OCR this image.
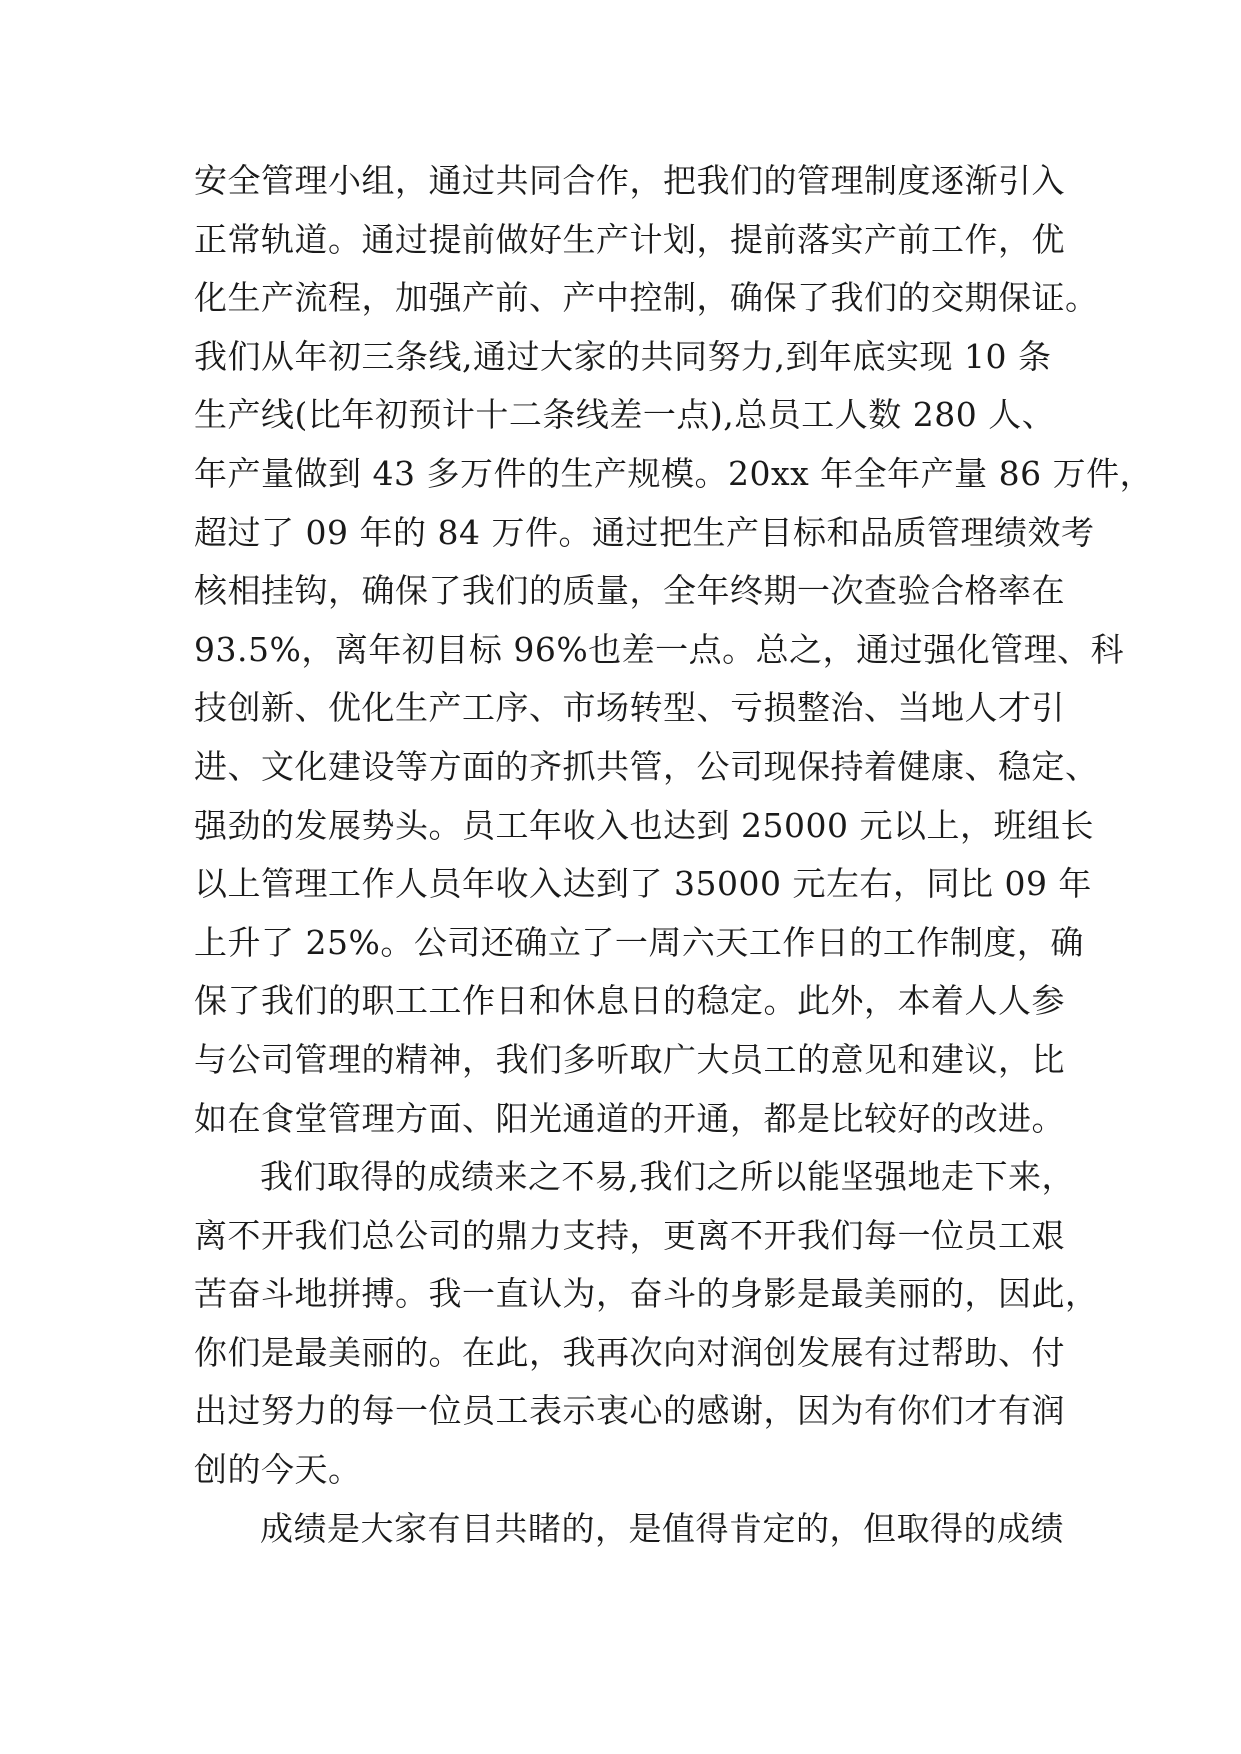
安全管理小组，通过共同合作，把我们的管理制度逐渐引入
正常轨道。通过提前做好生产计划，提前落实产前工作，优
化生产流程，加强产前、产中控制，确保了我们的交期保证。
我们从年初三条线,通过大家的共同努力,到年底实现 10 条
生产线(比年初预计十二条线差一点),总员工人数 280 人、
年产量做到 43 多万件的生产规模。20xx 年全年产量 86 万件，
超过了 09 年的 84 万件。通过把生产目标和品质管理绩效考
核相挂钩，确保了我们的质量，全年终期一次查验合格率在
93.5%，离年初目标 96%也差一点。总之，通过强化管理、科
技创新、优化生产工序、市场转型、亏损整治、当地人才引
进、文化建设等方面的齐抓共管，公司现保持着健康、稳定、
强劲的发展势头。员工年收入也达到 25000 元以上，班组长
以上管理工作人员年收入达到了 35000 元左右，同比 09 年
上升了 25%。公司还确立了一周六天工作日的工作制度，确
保了我们的职工工作日和休息日的稳定。此外，本着人人参
与公司管理的精神，我们多听取广大员工的意见和建议，比
如在食堂管理方面、阳光通道的开通，都是比较好的改进。
我们取得的成绩来之不易,我们之所以能坚强地走下来，
离不开我们总公司的鼎力支持，更离不开我们每一位员工艰
苦奋斗地拼搏。我一直认为，奋斗的身影是最美丽的，因此，
你们是最美丽的。在此，我再次向对润创发展有过帮助、付
出过努力的每一位员工表示衷心的感谢，因为有你们才有润
创的今天。
成绩是大家有目共睹的，是值得肯定的，但取得的成绩
